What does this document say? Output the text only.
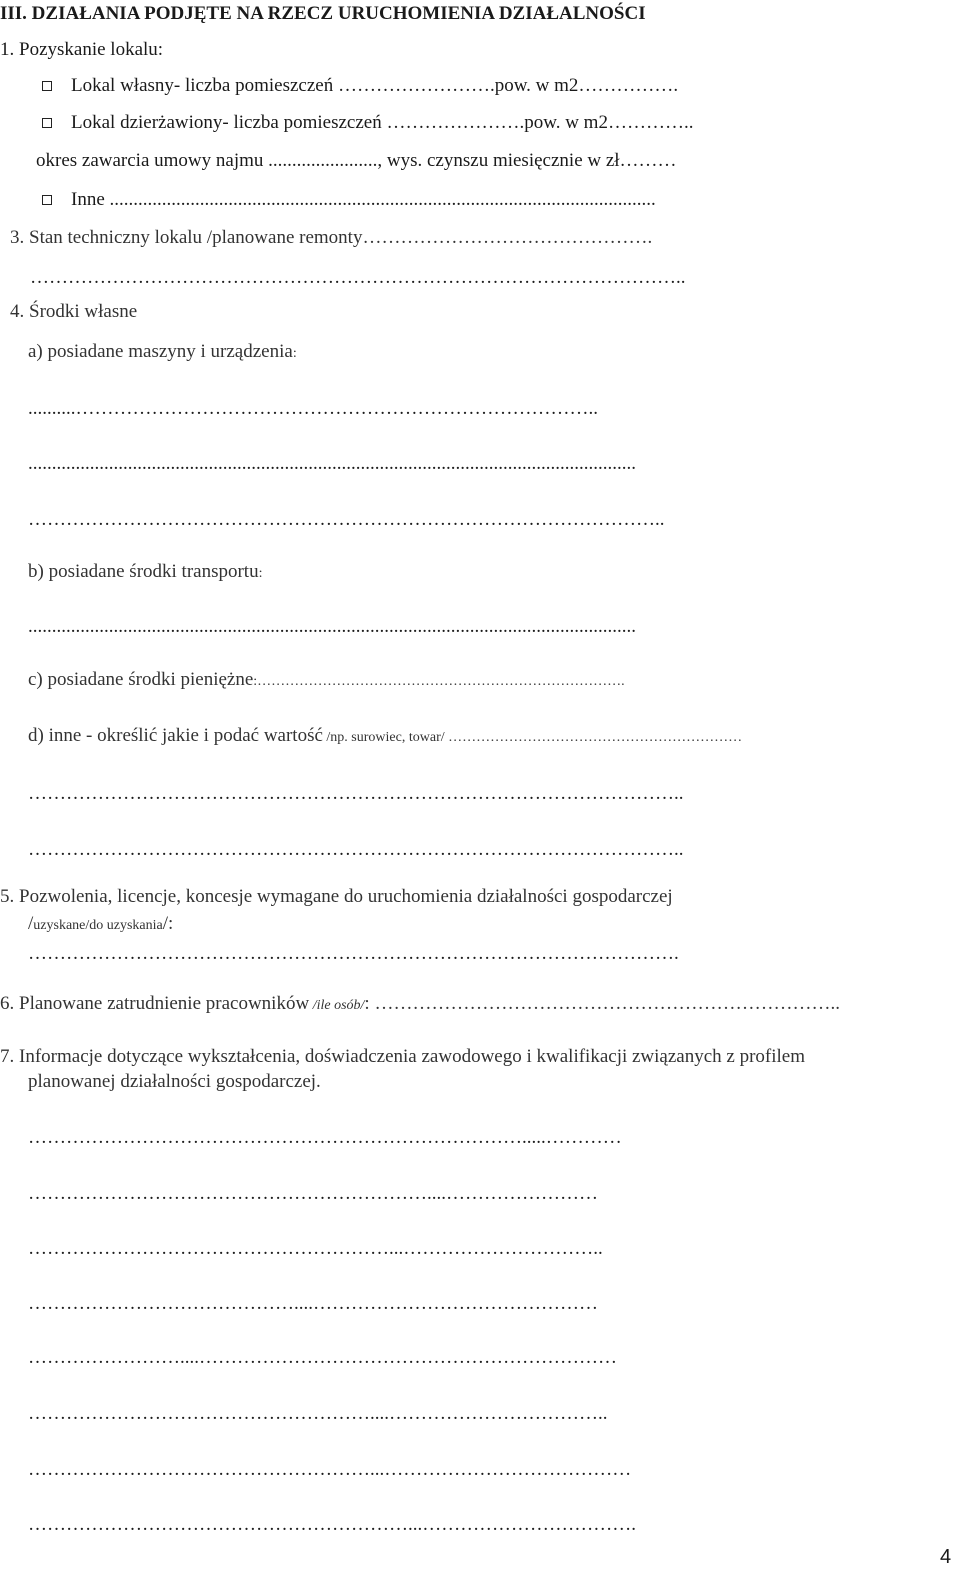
III. DZIAŁANIA PODJĘTE NA RZECZ URUCHOMIENIA DZIAŁALNOŚCI
1. Pozyskanie lokalu:
Lokal własny- liczba pomieszczeń …………………….pow. w m2…………….
Lokal dzierżawiony- liczba pomieszczeń ………………….pow. w m2…………..
okres zawarcia umowy najmu ......................., wys. czynszu miesięcznie w zł………
Inne ...................................................................................................................
3. Stan techniczny lokalu /planowane remonty……………………………………….
…………………………………………………………………………………………..
4. Środki własne
a) posiadane maszyny i urządzenia:
..........………………………………………………………………………..
................................................................................................................................
………………………………………………………………………………………..
b) posiadane środki transportu:
................................................................................................................................
c) posiadane środki pieniężne:…………………………………………………………………….
d) inne - określić jakie i podać wartość /np. surowiec, towar/ ………………………………………………………
…………………………………………………………………………………………..
…………………………………………………………………………………………..
5. Pozwolenia, licencje, koncesje wymagane do uruchomienia działalności gospodarczej
/uzyskane/do uzyskania/:
………………………………………………………………………………………….
6. Planowane zatrudnienie pracowników /ile osób/: ………………………………………………………………..
7. Informacje dotyczące wykształcenia, doświadczenia zawodowego i kwalifikacji związanych z profilem
planowanej działalności gospodarczej.
…………………………………………………………………….....…………
………………………………………………………....……………………
…………………………………………………...…………………………..
……………………………………....………………………………………
……………………....…………………………………………………………
………………………………………………....……………………………..
………………………………………………...…………………………………
……………………………………………………...…………………………….
4
